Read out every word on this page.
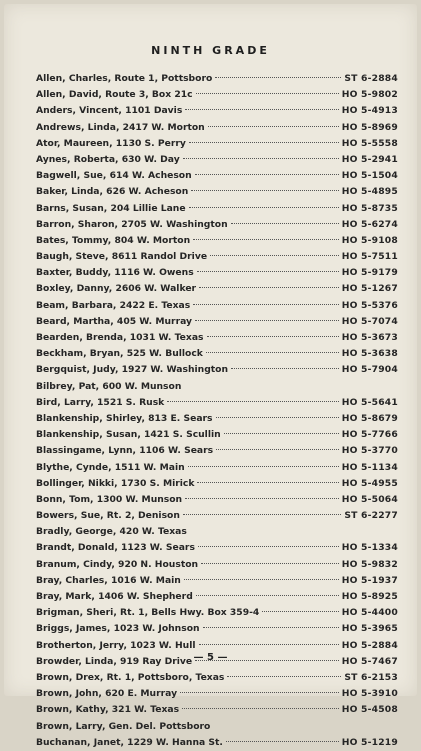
NINTH GRADE
Allen, Charles, Route 1, Pottsboro	ST 6-2884
Allen, David, Route 3, Box 21c	HO 5-9802
Anders, Vincent, 1101 Davis	HO 5-4913
Andrews, Linda, 2417 W. Morton	HO 5-8969
Ator, Maureen, 1130 S. Perry	HO 5-5558
Aynes, Roberta, 630 W. Day	HO 5-2941
Bagwell, Sue, 614 W. Acheson	HO 5-1504
Baker, Linda, 626 W. Acheson	HO 5-4895
Barns, Susan, 204 Lillie Lane	HO 5-8735
Barron, Sharon, 2705 W. Washington	HO 5-6274
Bates, Tommy, 804 W. Morton	HO 5-9108
Baugh, Steve, 8611 Randol Drive	HO 5-7511
Baxter, Buddy, 1116 W. Owens	HO 5-9179
Boxley, Danny, 2606 W. Walker	HO 5-1267
Beam, Barbara, 2422 E. Texas	HO 5-5376
Beard, Martha, 405 W. Murray	HO 5-7074
Bearden, Brenda, 1031 W. Texas	HO 5-3673
Beckham, Bryan, 525 W. Bullock	HO 5-3638
Bergquist, Judy, 1927 W. Washington	HO 5-7904
Bilbrey, Pat, 600 W. Munson
Bird, Larry, 1521 S. Rusk	HO 5-5641
Blankenship, Shirley, 813 E. Sears	HO 5-8679
Blankenship, Susan, 1421 S. Scullin	HO 5-7766
Blassingame, Lynn, 1106 W. Sears	HO 5-3770
Blythe, Cynde, 1511 W. Main	HO 5-1134
Bollinger, Nikki, 1730 S. Mirick	HO 5-4955
Bonn, Tom, 1300 W. Munson	HO 5-5064
Bowers, Sue, Rt. 2, Denison	ST 6-2277
Bradly, George, 420 W. Texas
Brandt, Donald, 1123 W. Sears	HO 5-1334
Branum, Cindy, 920 N. Houston	HO 5-9832
Bray, Charles, 1016 W. Main	HO 5-1937
Bray, Mark, 1406 W. Shepherd	HO 5-8925
Brigman, Sheri, Rt. 1, Bells Hwy. Box 359-4	HO 5-4400
Briggs, James, 1023 W. Johnson	HO 5-3965
Brotherton, Jerry, 1023 W. Hull	HO 5-2884
Browder, Linda, 919 Ray Drive	HO 5-7467
Brown, Drex, Rt. 1, Pottsboro, Texas	ST 6-2153
Brown, John, 620 E. Murray	HO 5-3910
Brown, Kathy, 321 W. Texas	HO 5-4508
Brown, Larry, Gen. Del. Pottsboro
Buchanan, Janet, 1229 W. Hanna St.	HO 5-1219
— 5 —
